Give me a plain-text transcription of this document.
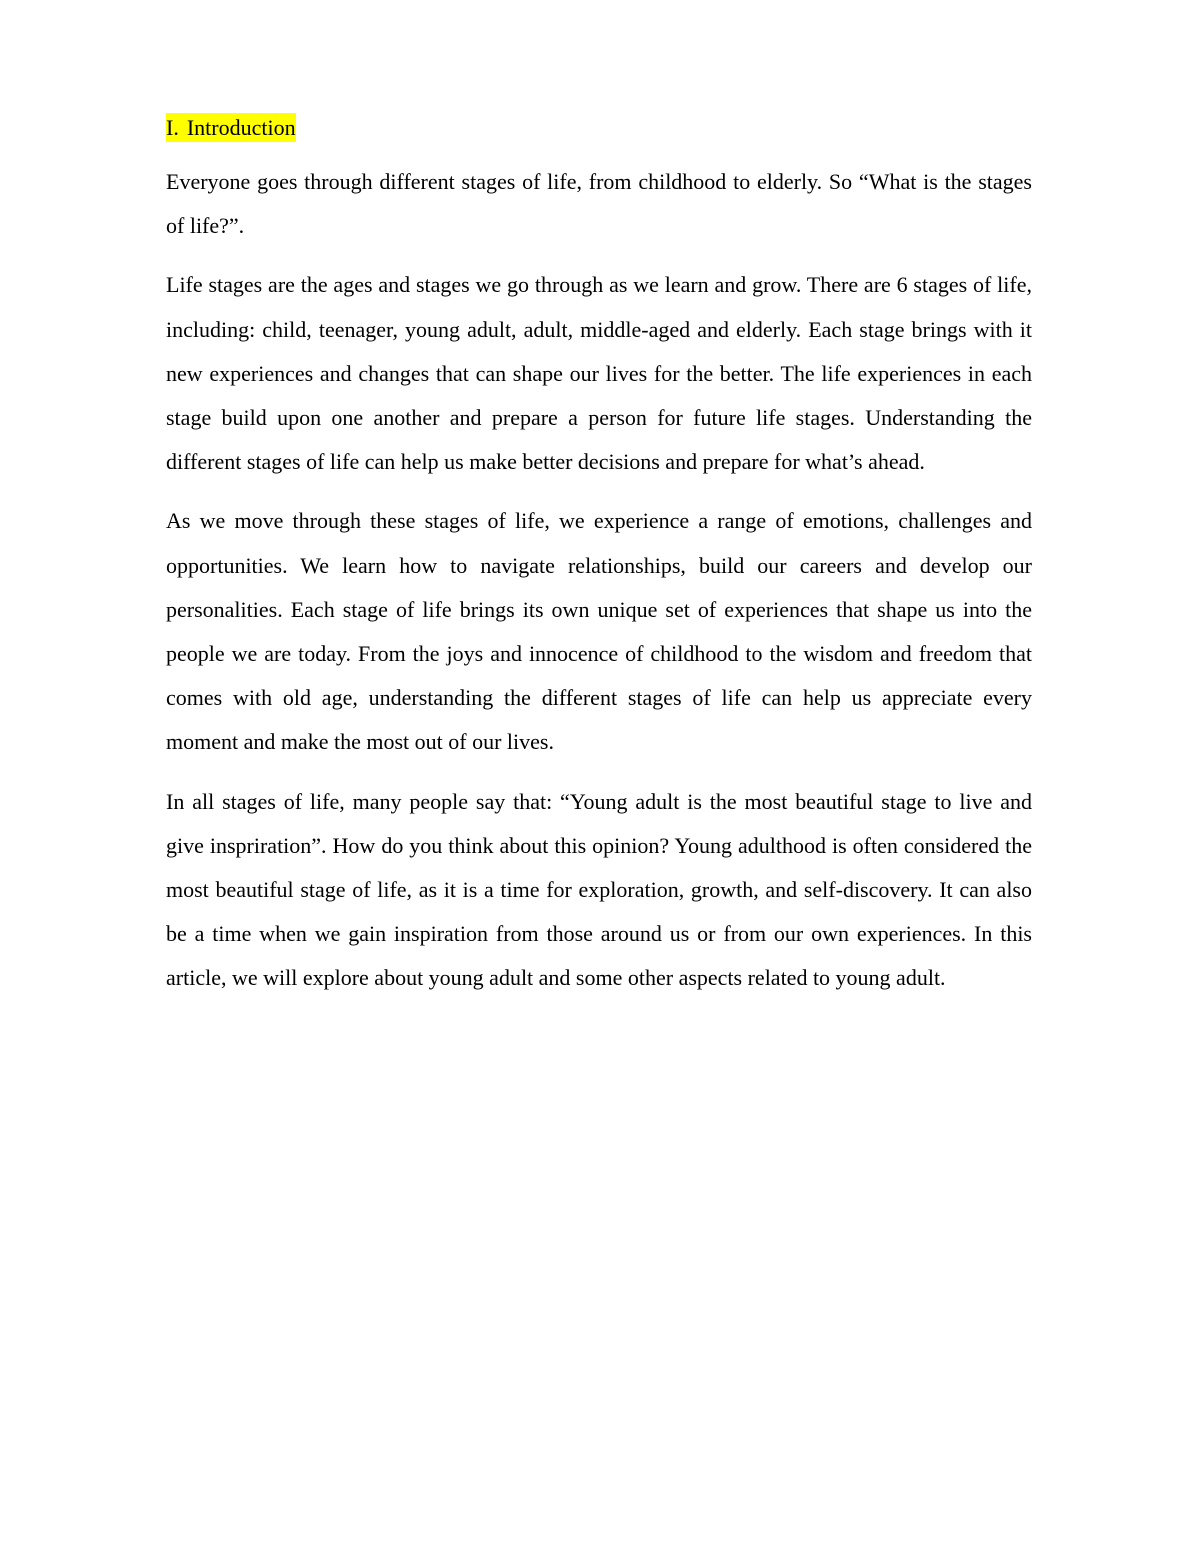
I. Introduction

Everyone goes through different stages of life, from childhood to elderly. So “What is the stages of life?”.

Life stages are the ages and stages we go through as we learn and grow. There are 6 stages of life, including: child, teenager, young adult, adult, middle-aged and elderly. Each stage brings with it new experiences and changes that can shape our lives for the better. The life experiences in each stage build upon one another and prepare a person for future life stages. Understanding the different stages of life can help us make better decisions and prepare for what’s ahead.

As we move through these stages of life, we experience a range of emotions, challenges and opportunities. We learn how to navigate relationships, build our careers and develop our personalities. Each stage of life brings its own unique set of experiences that shape us into the people we are today. From the joys and innocence of childhood to the wisdom and freedom that comes with old age, understanding the different stages of life can help us appreciate every moment and make the most out of our lives.

In all stages of life, many people say that: “Young adult is the most beautiful stage to live and give inspriration”. How do you think about this opinion? Young adulthood is often considered the most beautiful stage of life, as it is a time for exploration, growth, and self-discovery. It can also be a time when we gain inspiration from those around us or from our own experiences. In this article, we will explore about young adult and some other aspects related to young adult.
